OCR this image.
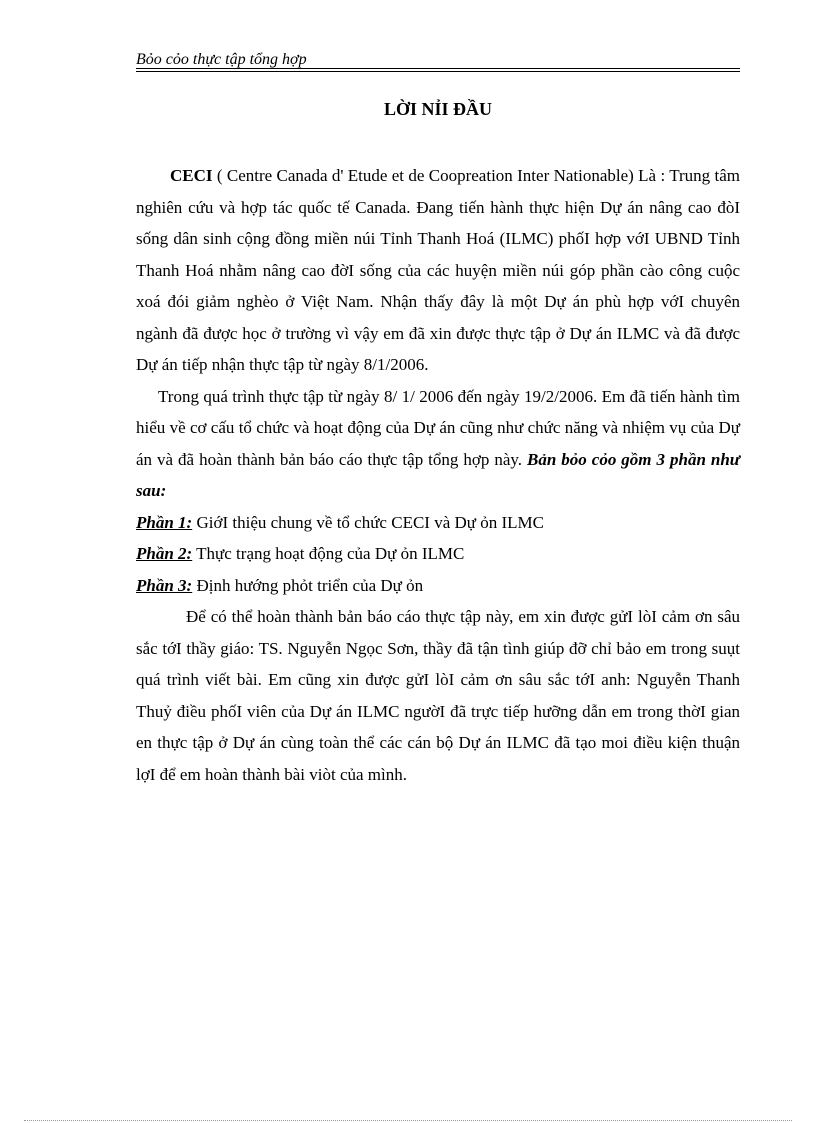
Bỏo cỏo thực tập tổng hợp
LỜI NỈI ĐẦU

CECI ( Centre Canada d' Etude et de Coopreation Inter Nationable) Là : Trung tâm nghiên cứu và hợp tác quốc tế Canada. Đang tiến hành thực hiện Dự án nâng cao đòI sống dân sinh cộng đồng miền núi Tỉnh Thanh Hoá (ILMC) phốI hợp vớI UBND Tỉnh Thanh Hoá nhằm nâng cao đờI sống của các huyện miền núi góp phần cào công cuộc xoá đói giảm nghèo ở Việt Nam. Nhận thấy đây là một Dự án phù hợp vớI chuyên ngành đã được học ở trường vì vậy em đã xin được thực tập ở Dự án ILMC và đã được Dự án tiếp nhận thực tập từ ngày 8/1/2006.

Trong quá trình thực tập từ ngày 8/ 1/ 2006 đến ngày 19/2/2006. Em đã tiến hành tìm hiểu về cơ cấu tổ chức và hoạt động của Dự án cũng như chức năng và nhiệm vụ của Dự án và đã hoàn thành bản báo cáo thực tập tổng hợp này. Bản bỏo cỏo gồm 3 phần như sau:

Phần 1: GiớI thiệu chung về tổ chức CECI và Dự ỏn ILMC

Phần 2: Thực trạng hoạt động của Dự ỏn ILMC

Phần 3: Định hướng phỏt triển của Dự ỏn

Để có thể hoàn thành bản báo cáo thực tập này, em xin được gửI lòI cảm ơn sâu sắc tớI thầy giáo: TS. Nguyễn Ngọc Sơn, thầy đã tận tình giúp đỡ chỉ bảo em trong suụt quá trình viết bài. Em cũng xin được gửI lòI cảm ơn sâu sắc tớI anh: Nguyễn Thanh Thuỷ điều phốI viên của Dự án ILMC ngườI đã trực tiếp hưỡng dẫn em trong thờI gian en thực tập ở Dự án cùng toàn thể các cán bộ Dự án ILMC đã tạo moi điều kiện thuận lợI để em hoàn thành bài viòt của mình.
